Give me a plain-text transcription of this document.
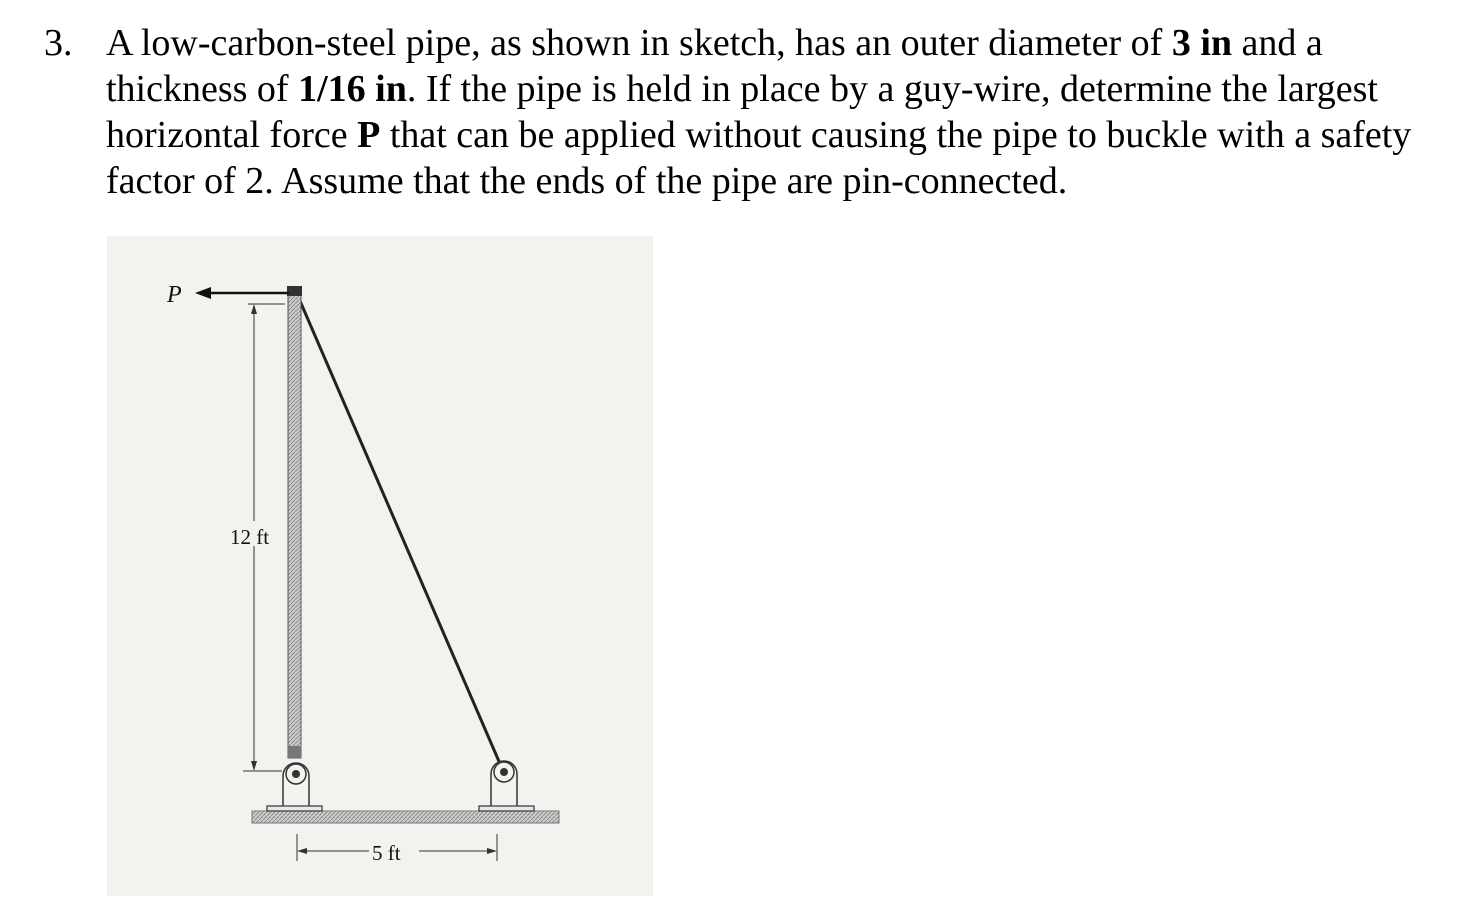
3. A low-carbon-steel pipe, as shown in sketch, has an outer diameter of 3 in and a thickness of 1/16 in. If the pipe is held in place by a guy-wire, determine the largest horizontal force P that can be applied without causing the pipe to buckle with a safety factor of 2. Assume that the ends of the pipe are pin-connected.
P
12 ft
5 ft
